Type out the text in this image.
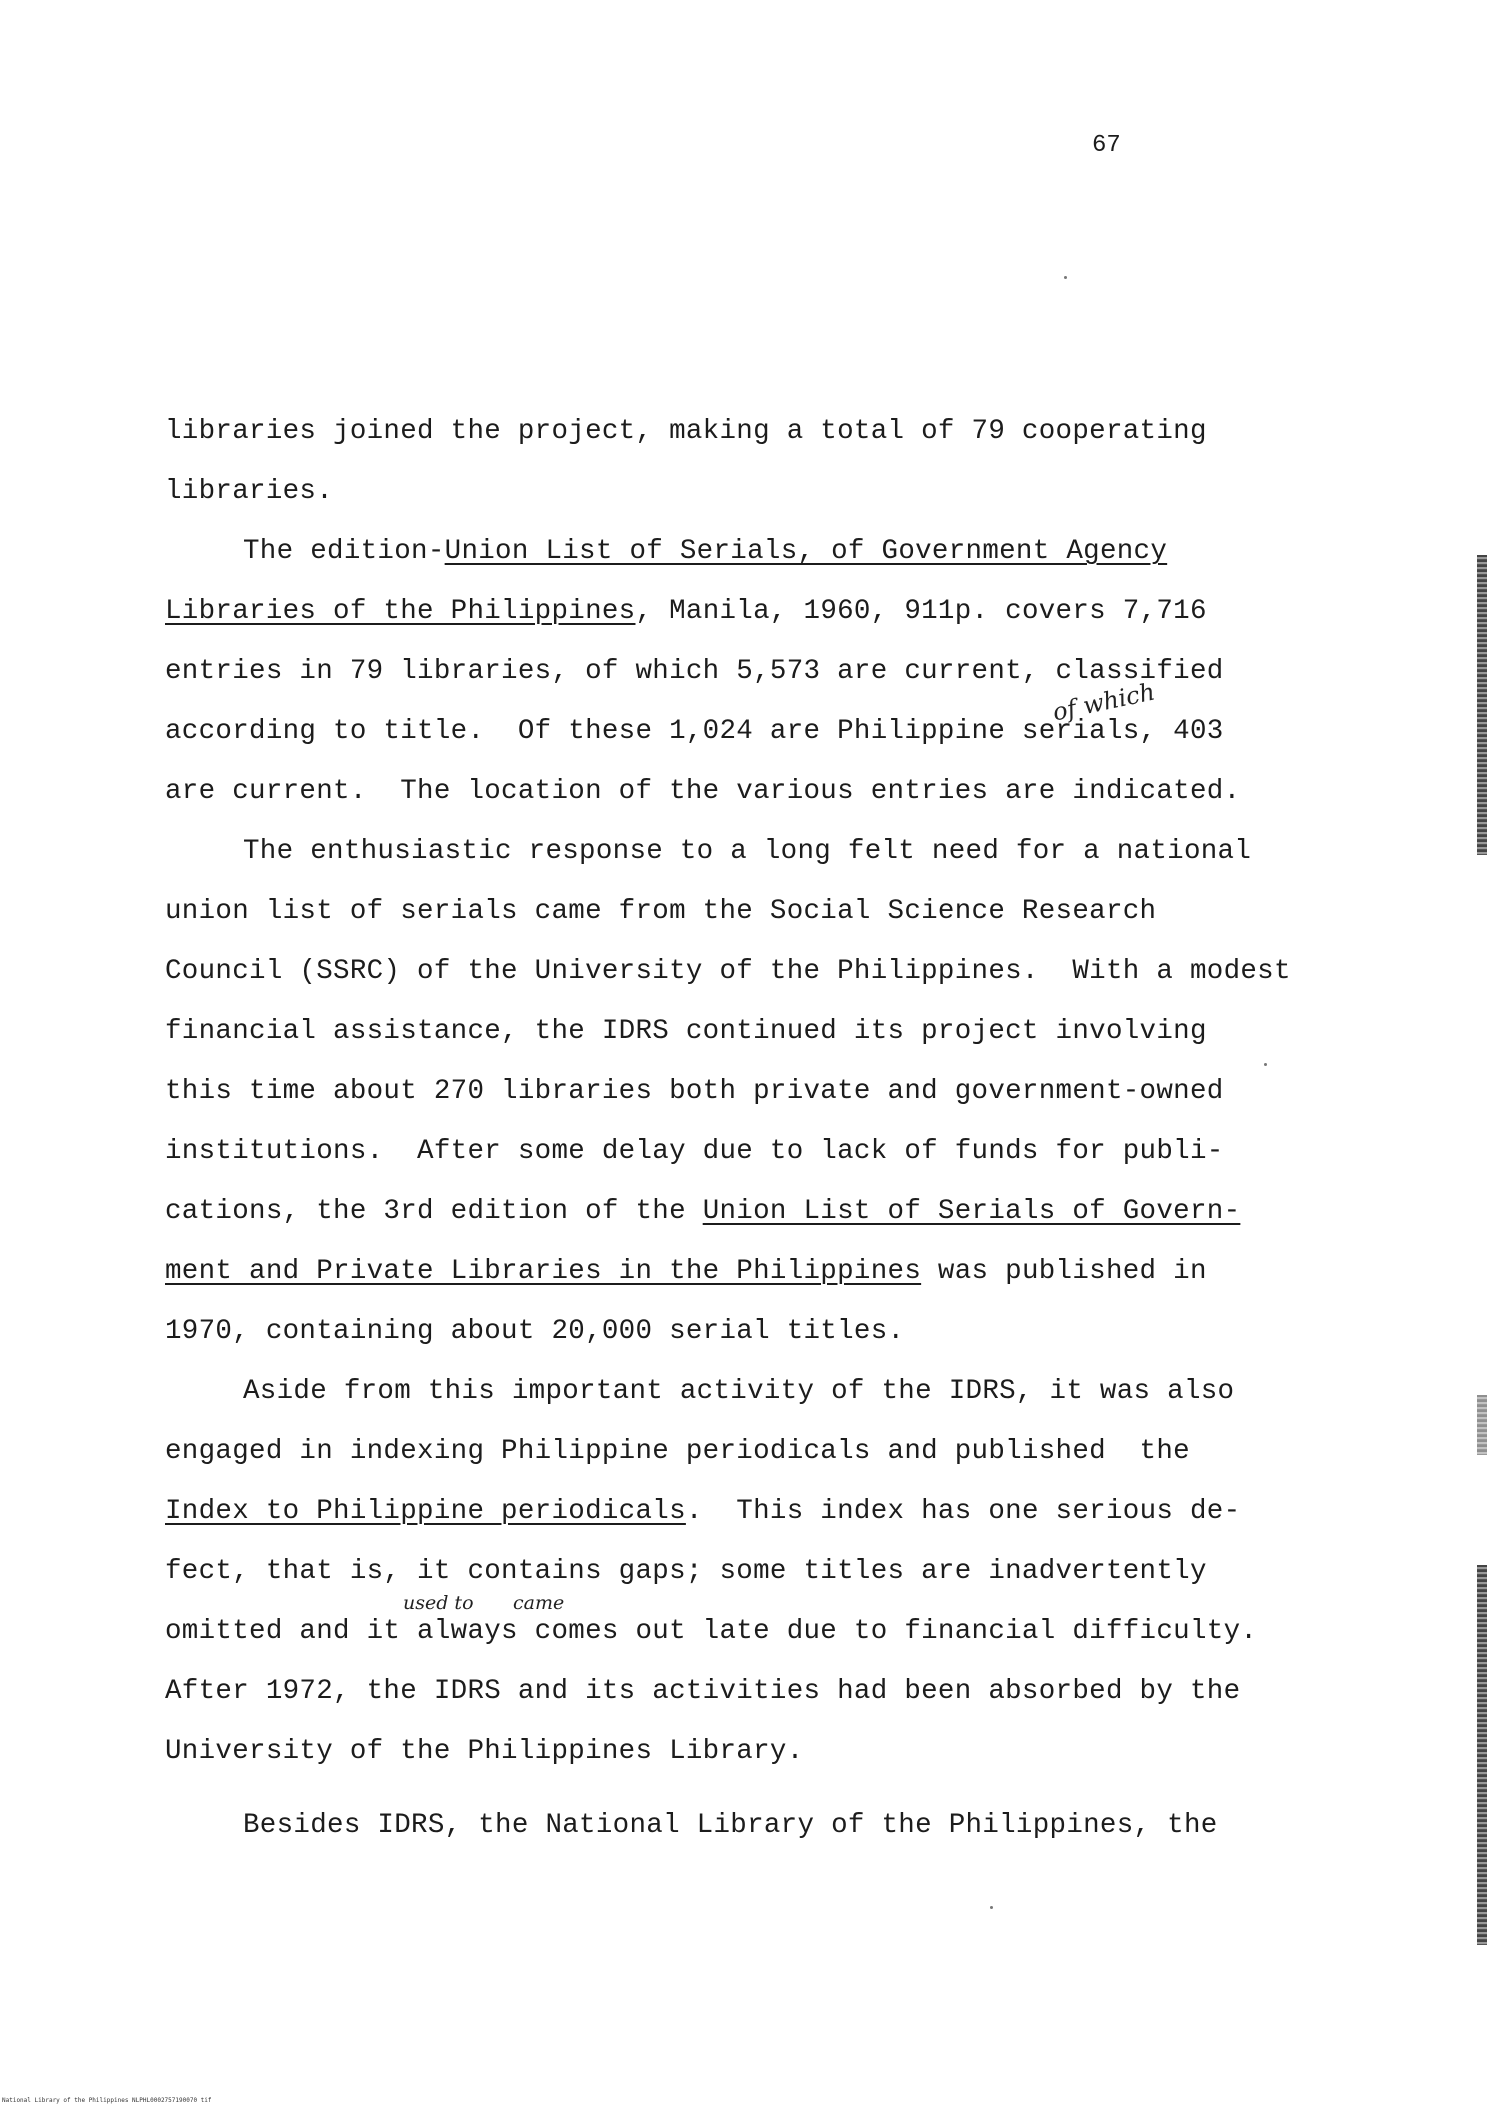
67
libraries joined the project, making a total of 79 cooperating
libraries.
The edition-Union List of Serials, of Government Agency
Libraries of the Philippines, Manila, 1960, 911p. covers 7,716
entries in 79 libraries, of which 5,573 are current, classified
according to title.  Of these 1,024 are Philippine serials, 403
are current.  The location of the various entries are indicated.
of which
The enthusiastic response to a long felt need for a national
union list of serials came from the Social Science Research
Council (SSRC) of the University of the Philippines.  With a modest
financial assistance, the IDRS continued its project involving
this time about 270 libraries both private and government-owned
institutions.  After some delay due to lack of funds for publi-
cations, the 3rd edition of the Union List of Serials of Govern-
ment and Private Libraries in the Philippines was published in
1970, containing about 20,000 serial titles.
Aside from this important activity of the IDRS, it was also
engaged in indexing Philippine periodicals and published  the
Index to Philippine periodicals.  This index has one serious de-
fect, that is, it contains gaps; some titles are inadvertently
omitted and it always comes out late due to financial difficulty.
used to came
After 1972, the IDRS and its activities had been absorbed by the
University of the Philippines Library.
Besides IDRS, the National Library of the Philippines, the
National Library of the Philippines NLPHL0002757190070 tif
